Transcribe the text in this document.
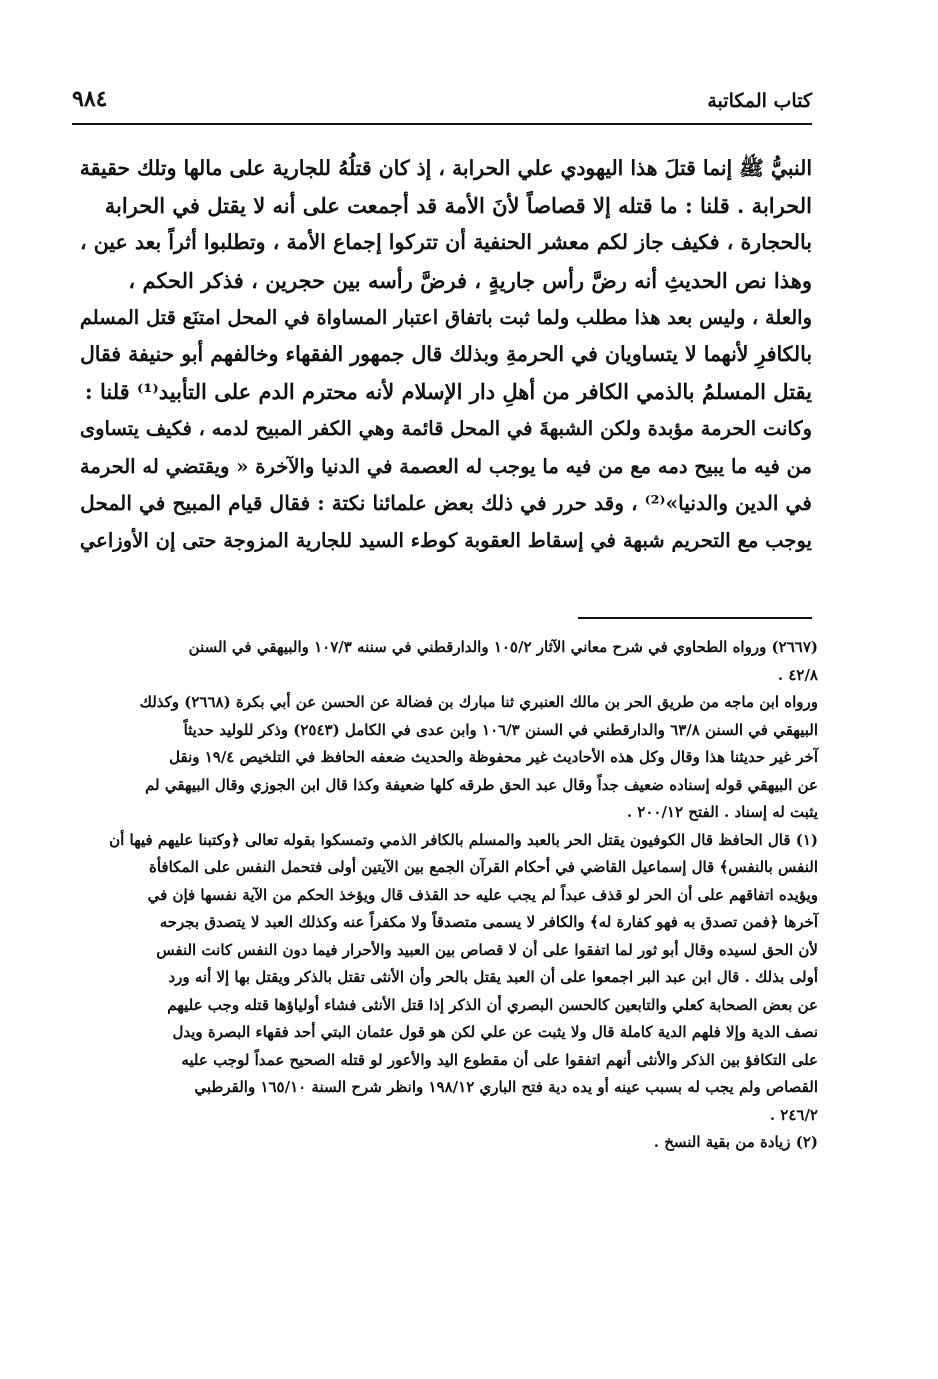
كتاب المكاتبة
٩٨٤
النبيُّ ﷺ إنما قتلَ هذا اليهودي علي الحرابة ، إذ كان قتلُهُ للجارية على مالها وتلك حقيقة
الحرابة . قلنا : ما قتله إلا قصاصاً لأنَ الأمة قد أجمعت على أنه لا يقتل في الحرابة
بالحجارة ، فكيف جاز لكم معشر الحنفية أن تتركوا إجماع الأمة ، وتطلبوا أثراً بعد عين ،
وهذا نص الحديثِ أنه رضَّ رأس جاريةٍ ، فرضَّ رأسه بين حجرين ، فذكر الحكم ،
والعلة ، وليس بعد هذا مطلب ولما ثبت باتفاق اعتبار المساواة في المحل امتنَع قتل المسلم
بالكافرِ لأنهما لا يتساويان في الحرمةِ وبذلك قال جمهور الفقهاء وخالفهم أبو حنيفة فقال
يقتل المسلمُ بالذمي الكافر من أهلِ دار الإسلام لأنه محترم الدم على التأبيد⁽¹⁾ قلنا :
وكانت الحرمة مؤبدة ولكن الشبهةَ في المحل قائمة وهي الكفر المبيح لدمه ، فكيف يتساوى
من فيه ما يبيح دمه مع من فيه ما يوجب له العصمة في الدنيا والآخرة « ويقتضي له الحرمة
في الدين والدنيا»⁽²⁾ ، وقد حرر في ذلك بعض علمائنا نكتة : فقال قيام المبيح في المحل
يوجب مع التحريم شبهة في إسقاط العقوبة كوطء السيد للجارية المزوجة حتى إن الأوزاعي
(٢٦٦٧) ورواه الطحاوي في شرح معاني الآثار ١٠٥/٢ والدارقطني في سننه ١٠٧/٣ والبيهقي في السنن
٤٢/٨ .
ورواه ابن ماجه من طريق الحر بن مالك العنبري ثنا مبارك بن فضالة عن الحسن عن أبي بكرة (٢٦٦٨) وكذلك
البيهقي في السنن ٦٣/٨ والدارقطني في السنن ١٠٦/٣ وابن عدى في الكامل (٢٥٤٣) وذكر للوليد حديثاً
آخر غير حديثنا هذا وقال وكل هذه الأحاديث غير محفوظة والحديث ضعفه الحافظ في التلخيص ١٩/٤ ونقل
عن البيهقي قوله إسناده ضعيف جداً وقال عبد الحق طرقه كلها ضعيفة وكذا قال ابن الجوزي وقال البيهقي لم
يثبت له إسناد . الفتح ٢٠٠/١٢ .
(١) قال الحافظ قال الكوفيون يقتل الحر بالعبد والمسلم بالكافر الذمي وتمسكوا بقوله تعالى ﴿وكتبنا عليهم فيها أن
النفس بالنفس﴾ قال إسماعيل القاضي في أحكام القرآن الجمع بين الآيتين أولى فتحمل النفس على المكافأة
ويؤيده اتفاقهم على أن الحر لو قذف عبداً لم يجب عليه حد القذف قال ويؤخذ الحكم من الآية نفسها فإن في
آخرها ﴿فمن تصدق به فهو كفارة له﴾ والكافر لا يسمى متصدقاً ولا مكفراً عنه وكذلك العبد لا يتصدق بجرحه
لأن الحق لسيده وقال أبو ثور لما اتفقوا على أن لا قصاص بين العبيد والأحرار فيما دون النفس كانت النفس
أولى بذلك . قال ابن عبد البر اجمعوا على أن العبد يقتل بالحر وأن الأنثى تقتل بالذكر ويقتل بها إلا أنه ورد
عن بعض الصحابة كعلي والتابعين كالحسن البصري أن الذكر إذا قتل الأنثى فشاء أولياؤها قتله وجب عليهم
نصف الدية وإلا فلهم الدية كاملة قال ولا يثبت عن علي لكن هو قول عثمان البتي أحد فقهاء البصرة ويدل
على التكافؤ بين الذكر والأنثى أنهم اتفقوا على أن مقطوع اليد والأعور لو قتله الصحيح عمداً لوجب عليه
القصاص ولم يجب له بسبب عينه أو يده دية فتح الباري ١٩٨/١٢ وانظر شرح السنة ١٦٥/١٠ والقرطبي
٢٤٦/٢ .
(٢) زيادة من بقية النسخ .
